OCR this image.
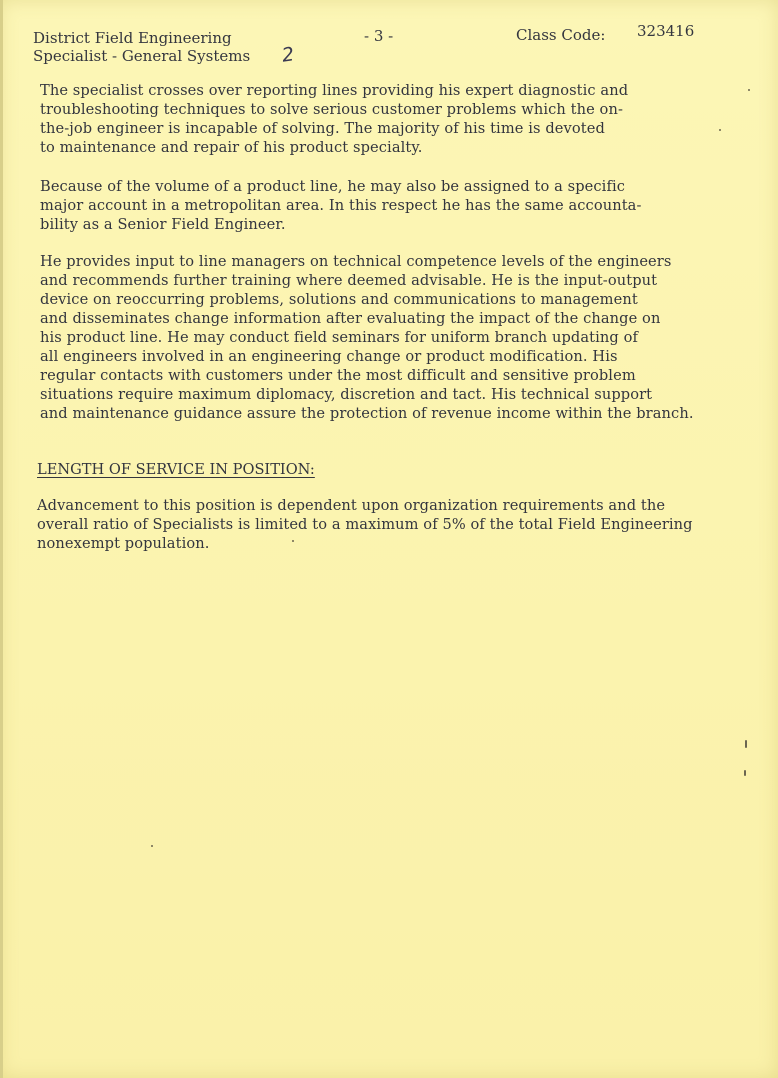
District Field Engineering
Specialist - General Systems 2
- 3 -	Class Code: 323416

The specialist crosses over reporting lines providing his expert diagnostic and
troubleshooting techniques to solve serious customer problems which the on-
the-job engineer is incapable of solving. The majority of his time is devoted
to maintenance and repair of his product specialty.

Because of the volume of a product line, he may also be assigned to a specific
major account in a metropolitan area. In this respect he has the same accounta-
bility as a Senior Field Engineer.

He provides input to line managers on technical competence levels of the engineers
and recommends further training where deemed advisable. He is the input-output
device on reoccurring problems, solutions and communications to management
and disseminates change information after evaluating the impact of the change on
his product line. He may conduct field seminars for uniform branch updating of
all engineers involved in an engineering change or product modification. His
regular contacts with customers under the most difficult and sensitive problem
situations require maximum diplomacy, discretion and tact. His technical support
and maintenance guidance assure the protection of revenue income within the branch.

LENGTH OF SERVICE IN POSITION:

Advancement to this position is dependent upon organization requirements and the
overall ratio of Specialists is limited to a maximum of 5% of the total Field Engineering
nonexempt population.
